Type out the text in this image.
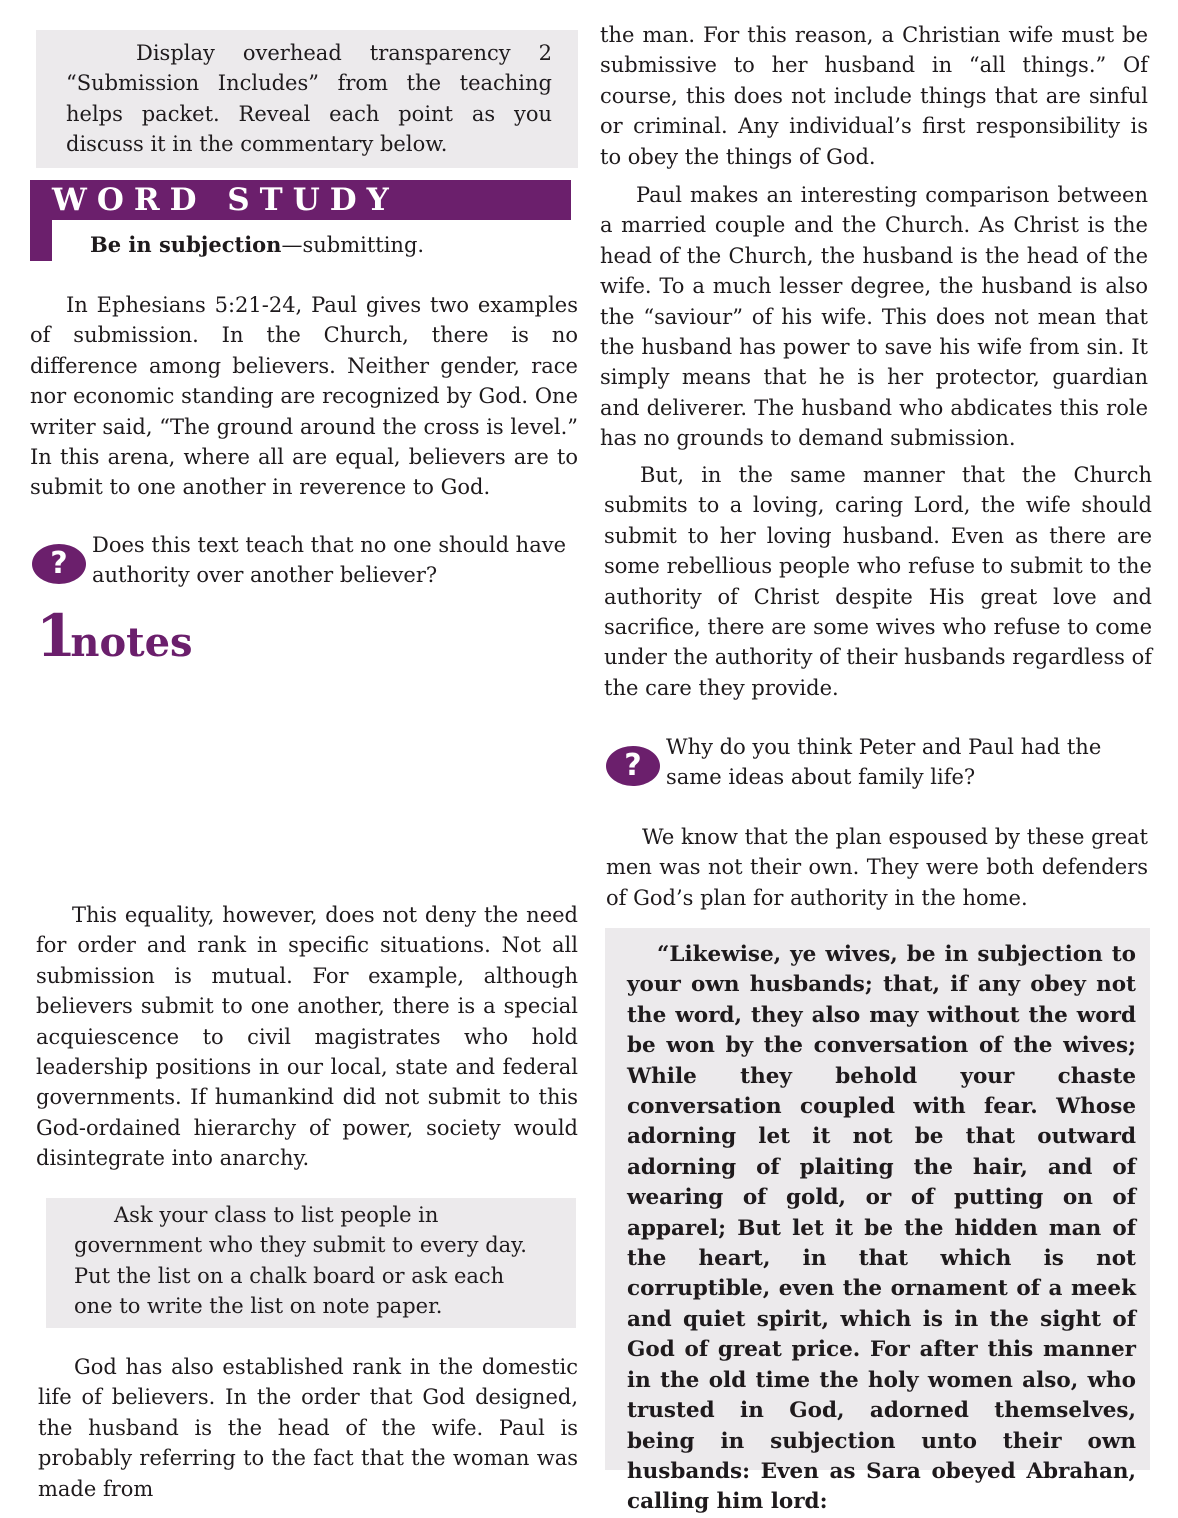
Display overhead transparency 2 “Submission Includes” from the teaching helps packet. Reveal each point as you discuss it in the commentary below.
WORD STUDY
Be in subjection—submitting.

In Ephesians 5:21-24, Paul gives two examples of submission. In the Church, there is no difference among believers. Neither gender, race nor economic standing are recognized by God. One writer said, “The ground around the cross is level.” In this arena, where all are equal, believers are to submit to one another in reverence to God.

?
Does this text teach that no one should have authority over another believer?
1notes

This equality, however, does not deny the need for order and rank in specific situations. Not all submission is mutual. For example, although believers submit to one another, there is a special acquiescence to civil magistrates who hold leadership positions in our local, state and federal governments. If humankind did not submit to this God-ordained hierarchy of power, society would disintegrate into anarchy.

Ask your class to list people in government who they submit to every day. Put the list on a chalk board or ask each one to write the list on note paper.

God has also established rank in the domestic life of believers. In the order that God designed, the husband is the head of the wife. Paul is probably referring to the fact that the woman was made from

the man. For this reason, a Christian wife must be submissive to her husband in “all things.” Of course, this does not include things that are sinful or criminal. Any individual’s first responsibility is to obey the things of God.

Paul makes an interesting comparison between a married couple and the Church. As Christ is the head of the Church, the husband is the head of the wife. To a much lesser degree, the husband is also the “saviour” of his wife. This does not mean that the husband has power to save his wife from sin. It simply means that he is her protector, guardian and deliverer. The husband who abdicates this role has no grounds to demand submission.

But, in the same manner that the Church submits to a loving, caring Lord, the wife should submit to her loving husband. Even as there are some rebellious people who refuse to submit to the authority of Christ despite His great love and sacrifice, there are some wives who refuse to come under the authority of their husbands regardless of the care they provide.

?
Why do you think Peter and Paul had the same ideas about family life?

We know that the plan espoused by these great men was not their own. They were both defenders of God’s plan for authority in the home.

“Likewise, ye wives, be in subjection to your own husbands; that, if any obey not the word, they also may without the word be won by the conversation of the wives; While they behold your chaste conversation coupled with fear. Whose adorning let it not be that outward adorning of plaiting the hair, and of wearing of gold, or of putting on of apparel; But let it be the hidden man of the heart, in that which is not corruptible, even the ornament of a meek and quiet spirit, which is in the sight of God of great price. For after this manner in the old time the holy women also, who trusted in God, adorned themselves, being in subjection unto their own husbands: Even as Sara obeyed Abrahan, calling him lord:
